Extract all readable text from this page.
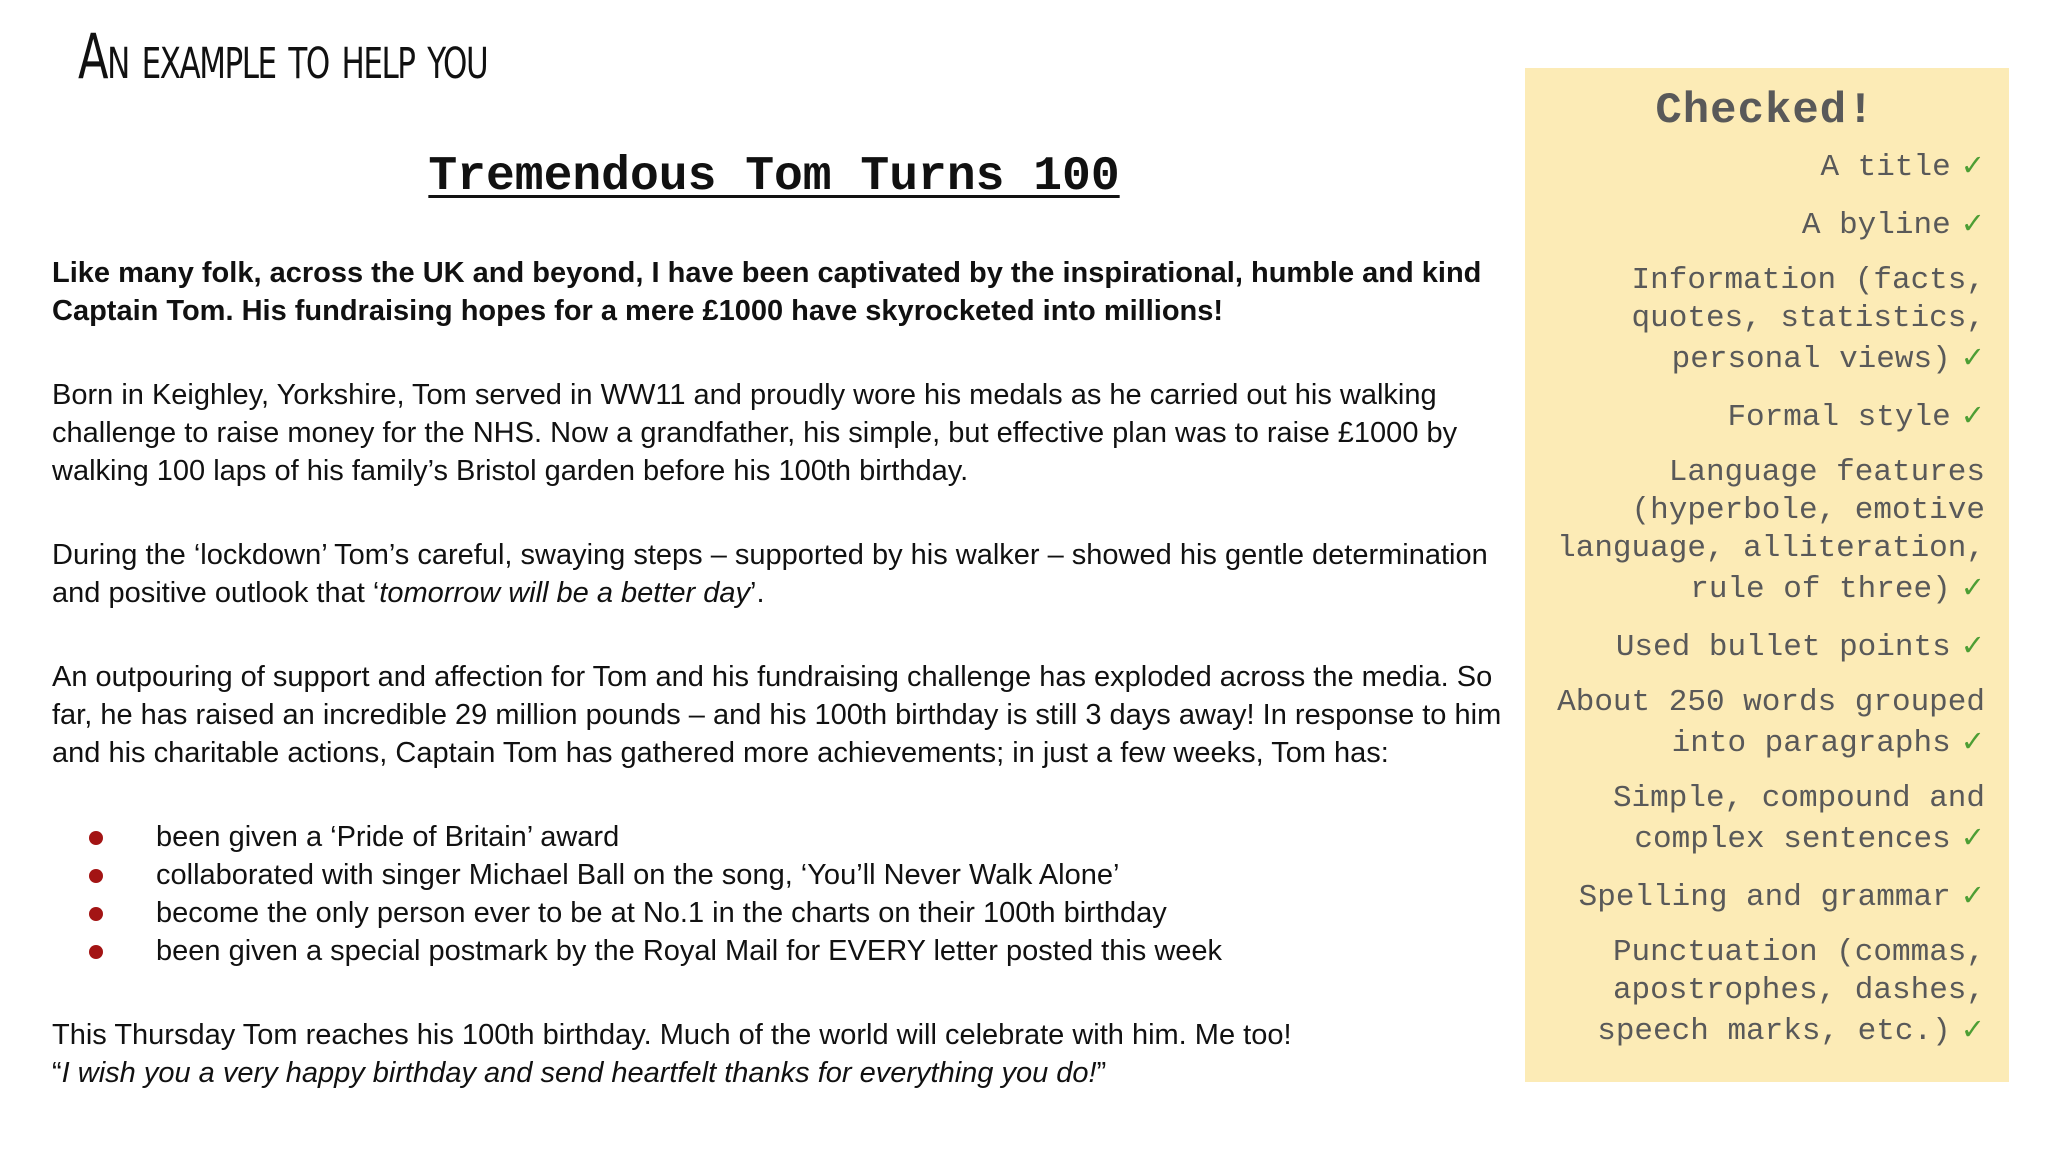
An example to help you
Tremendous Tom Turns 100

Like many folk, across the UK and beyond, I have been captivated by the inspirational, humble and kind Captain Tom. His fundraising hopes for a mere £1000 have skyrocketed into millions!

Born in Keighley, Yorkshire, Tom served in WW11 and proudly wore his medals as he carried out his walking challenge to raise money for the NHS. Now a grandfather, his simple, but effective plan was to raise £1000 by walking 100 laps of his family’s Bristol garden before his 100th birthday.

During the ‘lockdown’ Tom’s careful, swaying steps – supported by his walker – showed his gentle determination and positive outlook that ‘tomorrow will be a better day’.

An outpouring of support and affection for Tom and his fundraising challenge has exploded across the media. So far, he has raised an incredible 29 million pounds – and his 100th birthday is still 3 days away! In response to him and his charitable actions, Captain Tom has gathered more achievements; in just a few weeks, Tom has:

been given a ‘Pride of Britain’ award
collaborated with singer Michael Ball on the song, ‘You’ll Never Walk Alone’
become the only person ever to be at No.1 in the charts on their 100th birthday
been given a special postmark by the Royal Mail for EVERY letter posted this week
This Thursday Tom reaches his 100th birthday. Much of the world will celebrate with him. Me too!
“I wish you a very happy birthday and send heartfelt thanks for everything you do!”
Checked!
A title ✓
A byline ✓
Information (facts, quotes, statistics, personal views) ✓
Formal style ✓
Language features (hyperbole, emotive language, alliteration, rule of three) ✓
Used bullet points ✓
About 250 words grouped into paragraphs ✓
Simple, compound and complex sentences ✓
Spelling and grammar ✓
Punctuation (commas, apostrophes, dashes, speech marks, etc.) ✓
